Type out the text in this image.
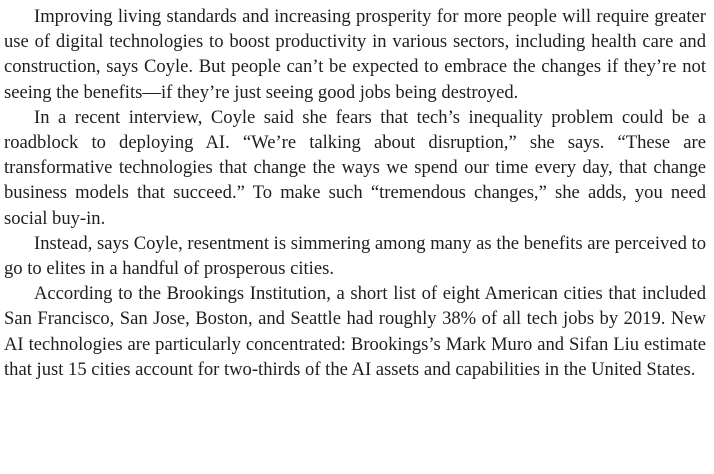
Improving living standards and increasing prosperity for more people will require greater use of digital technologies to boost productivity in various sectors, including health care and construction, says Coyle. But people can’t be expected to embrace the changes if they’re not seeing the benefits—if they’re just seeing good jobs being destroyed.

In a recent interview, Coyle said she fears that tech’s inequality problem could be a roadblock to deploying AI. “We’re talking about disruption,” she says. “These are transformative technologies that change the ways we spend our time every day, that change business models that succeed.” To make such “tremendous changes,” she adds, you need social buy-in.

Instead, says Coyle, resentment is simmering among many as the benefits are perceived to go to elites in a handful of prosperous cities.

According to the Brookings Institution, a short list of eight American cities that included San Francisco, San Jose, Boston, and Seattle had roughly 38% of all tech jobs by 2019. New AI technologies are particularly concentrated: Brookings’s Mark Muro and Sifan Liu estimate that just 15 cities account for two-thirds of the AI assets and capabilities in the United States.
